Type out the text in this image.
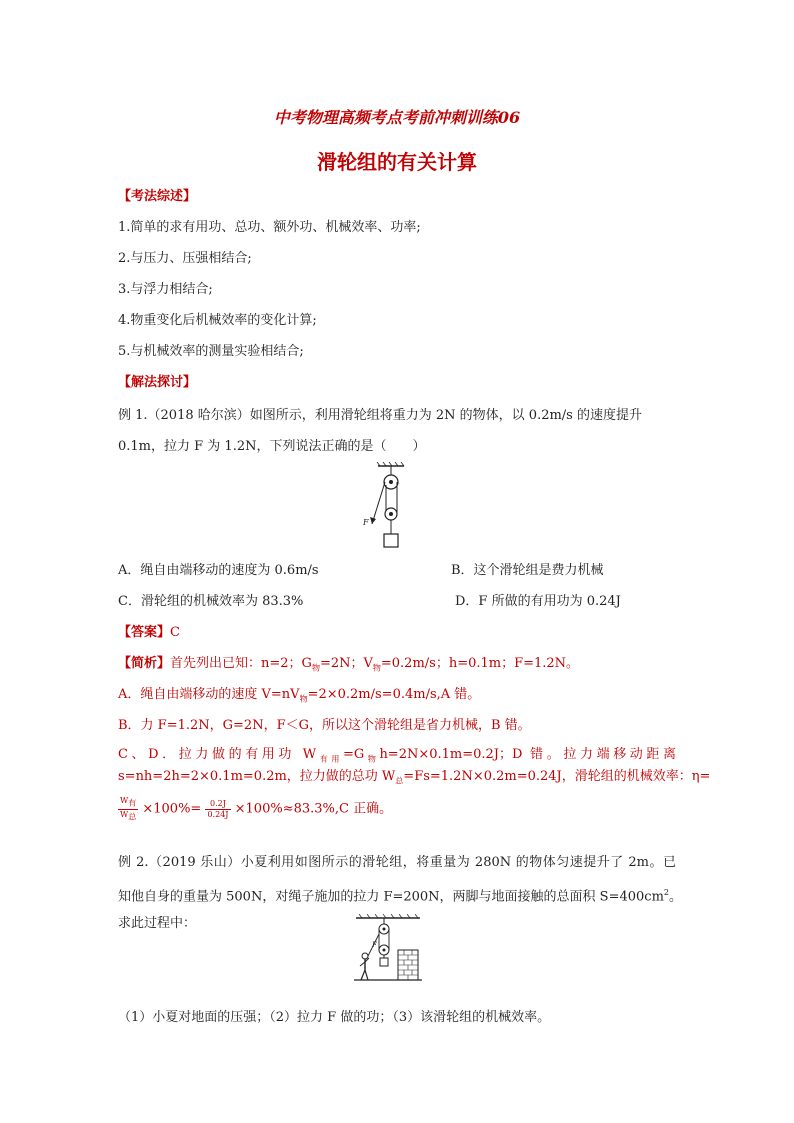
中考物理高频考点考前冲刺训练06
滑轮组的有关计算
【考法综述】
1.简单的求有用功、总功、额外功、机械效率、功率;
2.与压力、压强相结合;
3.与浮力相结合;
4.物重变化后机械效率的变化计算;
5.与机械效率的测量实验相结合;
【解法探讨】
例 1.（2018 哈尔滨）如图所示，利用滑轮组将重力为 2N 的物体，以 0.2m/s 的速度提升
0.1m，拉力 F 为 1.2N，下列说法正确的是（　　）
F
A．绳自由端移动的速度为 0.6m/s	B．这个滑轮组是费力机械
C．滑轮组的机械效率为 83.3%	D．F 所做的有用功为 0.24J
【答案】C
【简析】首先列出已知：n=2；$G_物=2N$；$V_物=0.2m/s$；h=0.1m；F=1.2N。
A．绳自由端移动的速度 $V=nV_物=2\times 0.2m/s=0.4m/s,A$ 错。
B．力 F=1.2N，G=2N，F＜G，所以这个滑轮组是省力机械，B 错。
C、D．拉力做的有用功 $W_{有用}=G_物h=2N\times 0.1m=0.2J$；D 错。拉力端移动距离
s=nh=2h=2×0.1m=0.2m，拉力做的总功 $W_总=Fs=1.2N\times 0.2m=0.24J$，滑轮组的机械效率：η=
$\frac{W_有}{W_总} \times 100\%= \frac{0.2J}{0.24J} \times 100\%\approx 83.3\%,C$ 正确。
例 2.（2019 乐山）小夏利用如图所示的滑轮组，将重量为 280N 的物体匀速提升了 2m。已
知他自身的重量为 500N，对绳子施加的拉力 F=200N，两脚与地面接触的总面积 $S=400cm^2$。
求此过程中：
F
（1）小夏对地面的压强；（2）拉力 F 做的功；（3）该滑轮组的机械效率。
